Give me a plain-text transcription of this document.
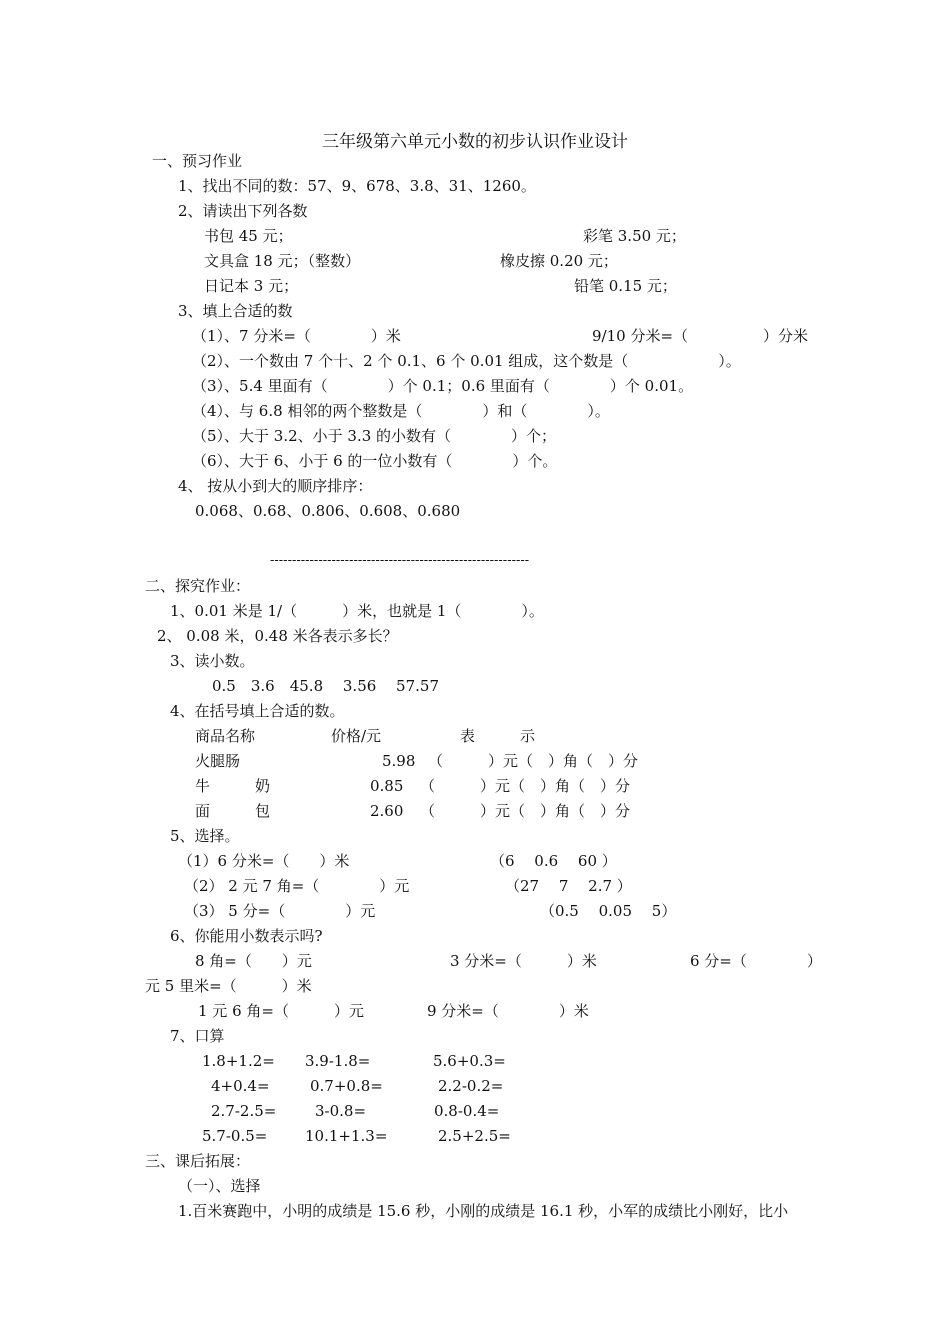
三年级第六单元小数的初步认识作业设计
一、预习作业
1、找出不同的数：57、9、678、3.8、31、1260。
2、请读出下列各数
书包 45 元；	彩笔 3.50 元；
文具盒 18 元；（整数）	橡皮擦 0.20 元；
日记本 3 元；	铅笔 0.15 元；
3、填上合适的数
（1）、7 分米=（　　　　）米	9/10 分米=（　　　　　）分米
（2）、一个数由 7 个十、2 个 0.1、6 个 0.01 组成，这个数是（　　　　　　）。
（3）、5.4 里面有（　　　　）个 0.1；0.6 里面有（　　　　）个 0.01。
（4）、与 6.8 相邻的两个整数是（　　　　）和（　　　　）。
（5）、大于 3.2、小于 3.3 的小数有（　　　　）个；
（6）、大于 6、小于 6 的一位小数有（　　　　）个。
4、 按从小到大的顺序排序：
0.068、0.68、0.806、0.608、0.680
-----------------------------------------------------------
二、探究作业：
1、0.01 米是 1/（　　　）米，也就是 1（　　　　）。
2、 0.08 米，0.48 米各表示多长？
3、读小数。
0.5　3.6　45.8　 3.56　 57.57
4、在括号填上合适的数。
商品名称	价格/元	表　　　示
火腿肠	5.98 （　　　）元（　）角（　）分
牛　　　奶	0.85 （　　　）元（　）角（　）分
面　　　包	2.60 （　　　）元（　）角（　）分
5、选择。
（1）6 分米=（　　）米	（6　 0.6　 60 ）
（2） 2 元 7 角=（　　　　）元	（27　 7　 2.7 ）
（3） 5 分=（　　　　）元	（0.5　 0.05　 5）
6、你能用小数表示吗?
8 角=（　　）元	3 分米=（　　　）米	6 分=（　　　　）
元 5 里米=（　　　）米
1 元 6 角=（　　　）元	9 分米=（　　　　）米
7、口算
1.8+1.2= 3.9-1.8=	5.6+0.3=
4+0.4=	0.7+0.8=	2.2-0.2=
2.7-2.5=	3-0.8=	0.8-0.4=
5.7-0.5=	10.1+1.3=	2.5+2.5=
三、课后拓展：
（一）、选择
1.百米赛跑中，小明的成绩是 15.6 秒，小刚的成绩是 16.1 秒，小军的成绩比小刚好，比小
